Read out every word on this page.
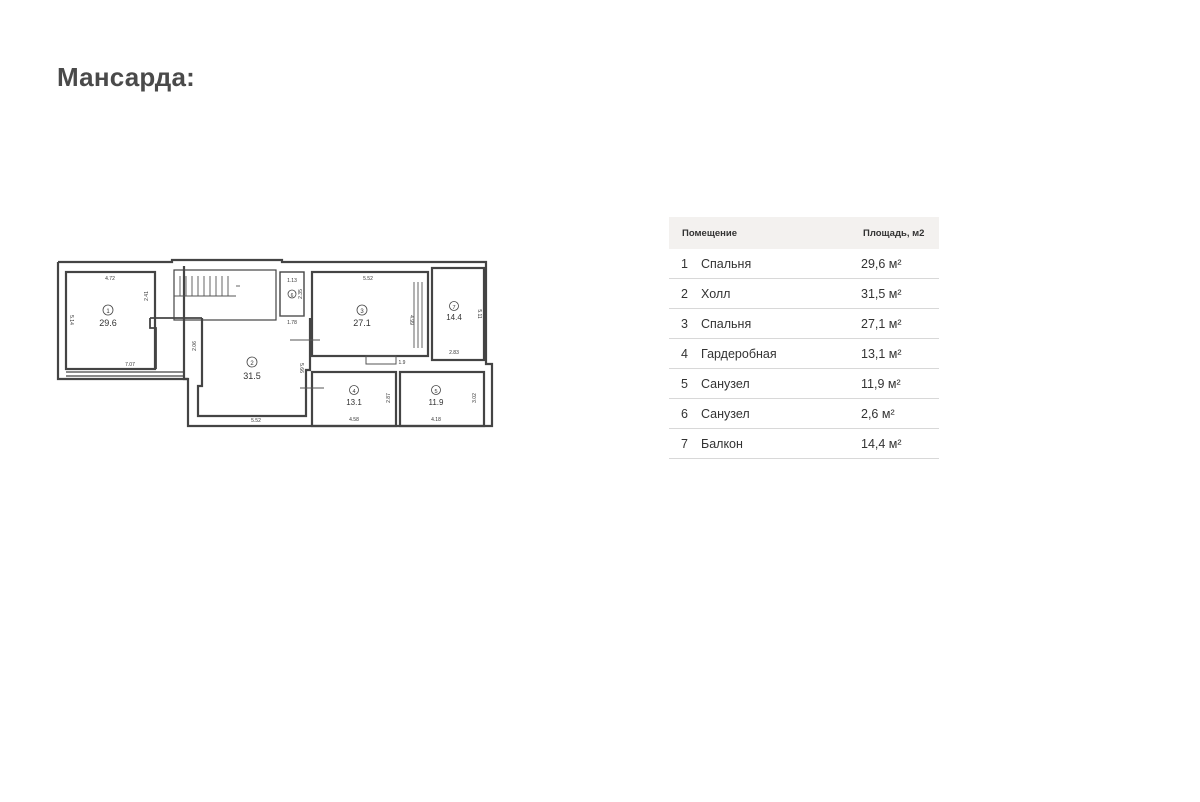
Мансарда:
1
29.6
2
31.5
3
27.1
4
13.1
5
11.9
6
7
14.4
4.72
2.41
5.14
7.07
2.06
5.52
5.66
1.13
2.35
1.78
5.52
4.99
5.11
2.83
1.9
2.87
4.58
3.02
4.18
Помещение		Площадь, м2
1	Спальня	29,6 м²
2	Холл	31,5 м²
3	Спальня	27,1 м²
4	Гардеробная	13,1 м²
5	Санузел	11,9 м²
6	Санузел	2,6 м²
7	Балкон	14,4 м²
